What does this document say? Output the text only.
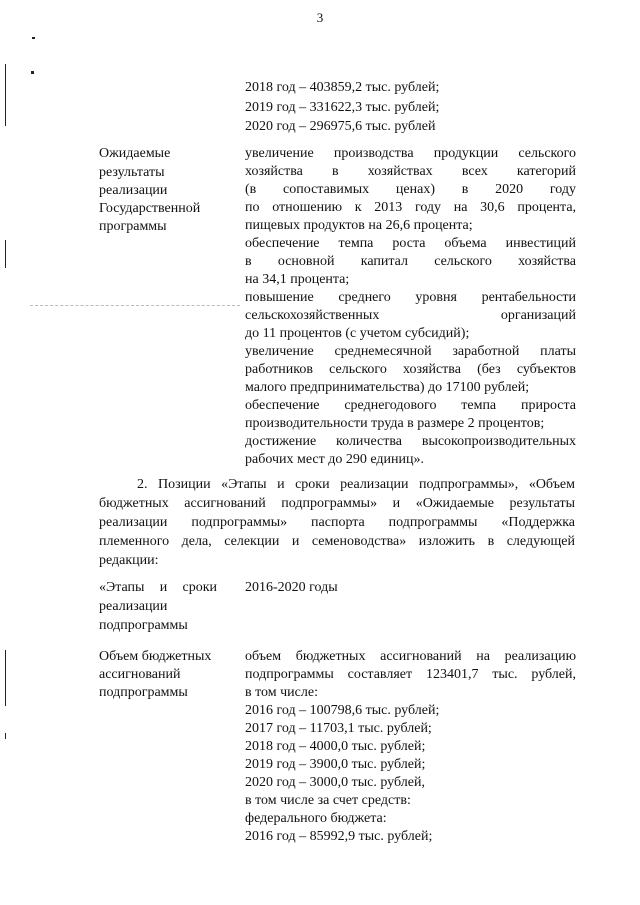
3
2018 год – 403859,2 тыс. рублей;
2019 год – 331622,3 тыс. рублей;
2020 год – 296975,6 тыс. рублей
Ожидаемые
результаты
реализации
Государственной
программы
увеличение производства продукции сельского
хозяйства в хозяйствах всех категорий
(в сопоставимых ценах) в 2020 году
по отношению к 2013 году на 30,6 процента,
пищевых продуктов на 26,6 процента;
обеспечение темпа роста объема инвестиций
в основной капитал сельского хозяйства
на 34,1 процента;
повышение среднего уровня рентабельности
сельскохозяйственных	организаций
до 11 процентов (с учетом субсидий);
увеличение среднемесячной заработной платы
работников сельского хозяйства (без субъектов
малого предпринимательства) до 17100 рублей;
обеспечение среднегодового темпа прироста
производительности труда в размере 2 процентов;
достижение количества высокопроизводительных
рабочих мест до 290 единиц».
2. Позиции «Этапы и сроки реализации подпрограммы», «Объем
бюджетных ассигнований подпрограммы» и «Ожидаемые результаты
реализации подпрограммы» паспорта подпрограммы «Поддержка
племенного дела, селекции и семеноводства» изложить в следующей
редакции:
«Этапы и сроки
реализации
подпрограммы
2016-2020 годы
Объем бюджетных
ассигнований
подпрограммы
объем бюджетных ассигнований на реализацию
подпрограммы составляет 123401,7 тыс. рублей,
в том числе:
2016 год – 100798,6 тыс. рублей;
2017 год – 11703,1 тыс. рублей;
2018 год – 4000,0 тыс. рублей;
2019 год – 3900,0 тыс. рублей;
2020 год – 3000,0 тыс. рублей,
в том числе за счет средств:
федерального бюджета:
2016 год – 85992,9 тыс. рублей;
